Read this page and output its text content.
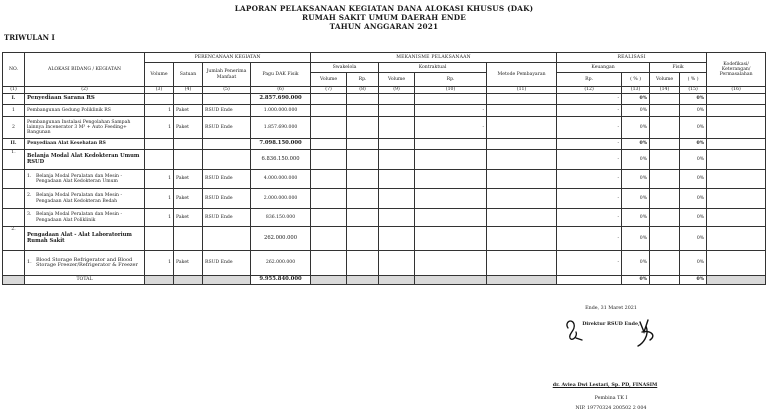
LAPORAN PELAKSANAAN KEGIATAN DANA ALOKASI KHUSUS (DAK)
RUMAH SAKIT UMUM DAERAH ENDE
TAHUN ANGGARAN 2021
TRIWULAN I
NO.	ALOKASI BIDANG / KEGIATAN	PERENCANAAN KEGIATAN				MEKANISME PELAKSANAAN					REALISASI				Kodefikasi/ Keterangan/ Permasalahan
		Volume	Satuan	Jumlah Penerima Manfaat	Pagu DAK Fisik	Swakelola		Kontraktual		Metode Pembayaran	Keuangan		Fisik		
						Volume	Rp.	Volume	Rp.		Rp.	( % )	Volume	( % )	
(1)	(2)	(3)	(4)	(5)	(6)	(7)	(8)	(9)	(10)	(11)	(12)	(13)	(14)	(15)	(16)
I.	Penyediaan Sarana RS				2.857.690.000						-	0%		0%	
1	Pembangunan Gedung Poliklinik RS	1	Paket	RSUD Ende	1.000.000.000				-		-	0%		0%	
2	Pembangunan Instalasi Pengolahan Sampah lainnya Incenerator 3 M³ + Auto Feeding+ Bangunan	1	Paket	RSUD Ende	1.857.690.000				-		-	0%		0%	
II.	Penyediaan Alat Kesehatan RS				7.098.150.000						-	0%		0%	
1.	Belanja Modal Alat Kedokteran Umum RSUD				6.836.150.000						-	0%		0%	
	1. Belanja Modal Peralatan dan Mesin - Pengadaan Alat Kedokteran Umum	1	Paket	RSUD Ende	4.000.000.000						-	0%		0%	
	2. Belanja Modal Peralatan dan Mesin - Pengadaan Alat Kedokteran Bedah	1	Paket	RSUD Ende	2.000.000.000						-	0%		0%	
	3. Belanja Modal Peralatan dan Mesin - Pengadaan Alat Poliklinik	1	Paket	RSUD Ende	836.150.000						-	0%		0%	
2.	Pengadaan Alat - Alat Laboratorium Rumah Sakit				262.000.000						-	0%		0%	
	1. Blood Storage Refrigerator and Blood Storage Freezer/Refrigerator & Freezer	1	Paket	RSUD Ende	262.000.000						-	0%		0%	
	TOTAL				9.955.840.000							0%		0%	
Ende, 31 Maret 2021
Direktur RSUD Ende,
dr. Aviea Dwi Lestari, Sp. PD, FINASIM
Pembina TK I
NIP. 19770324 200502 2 004
